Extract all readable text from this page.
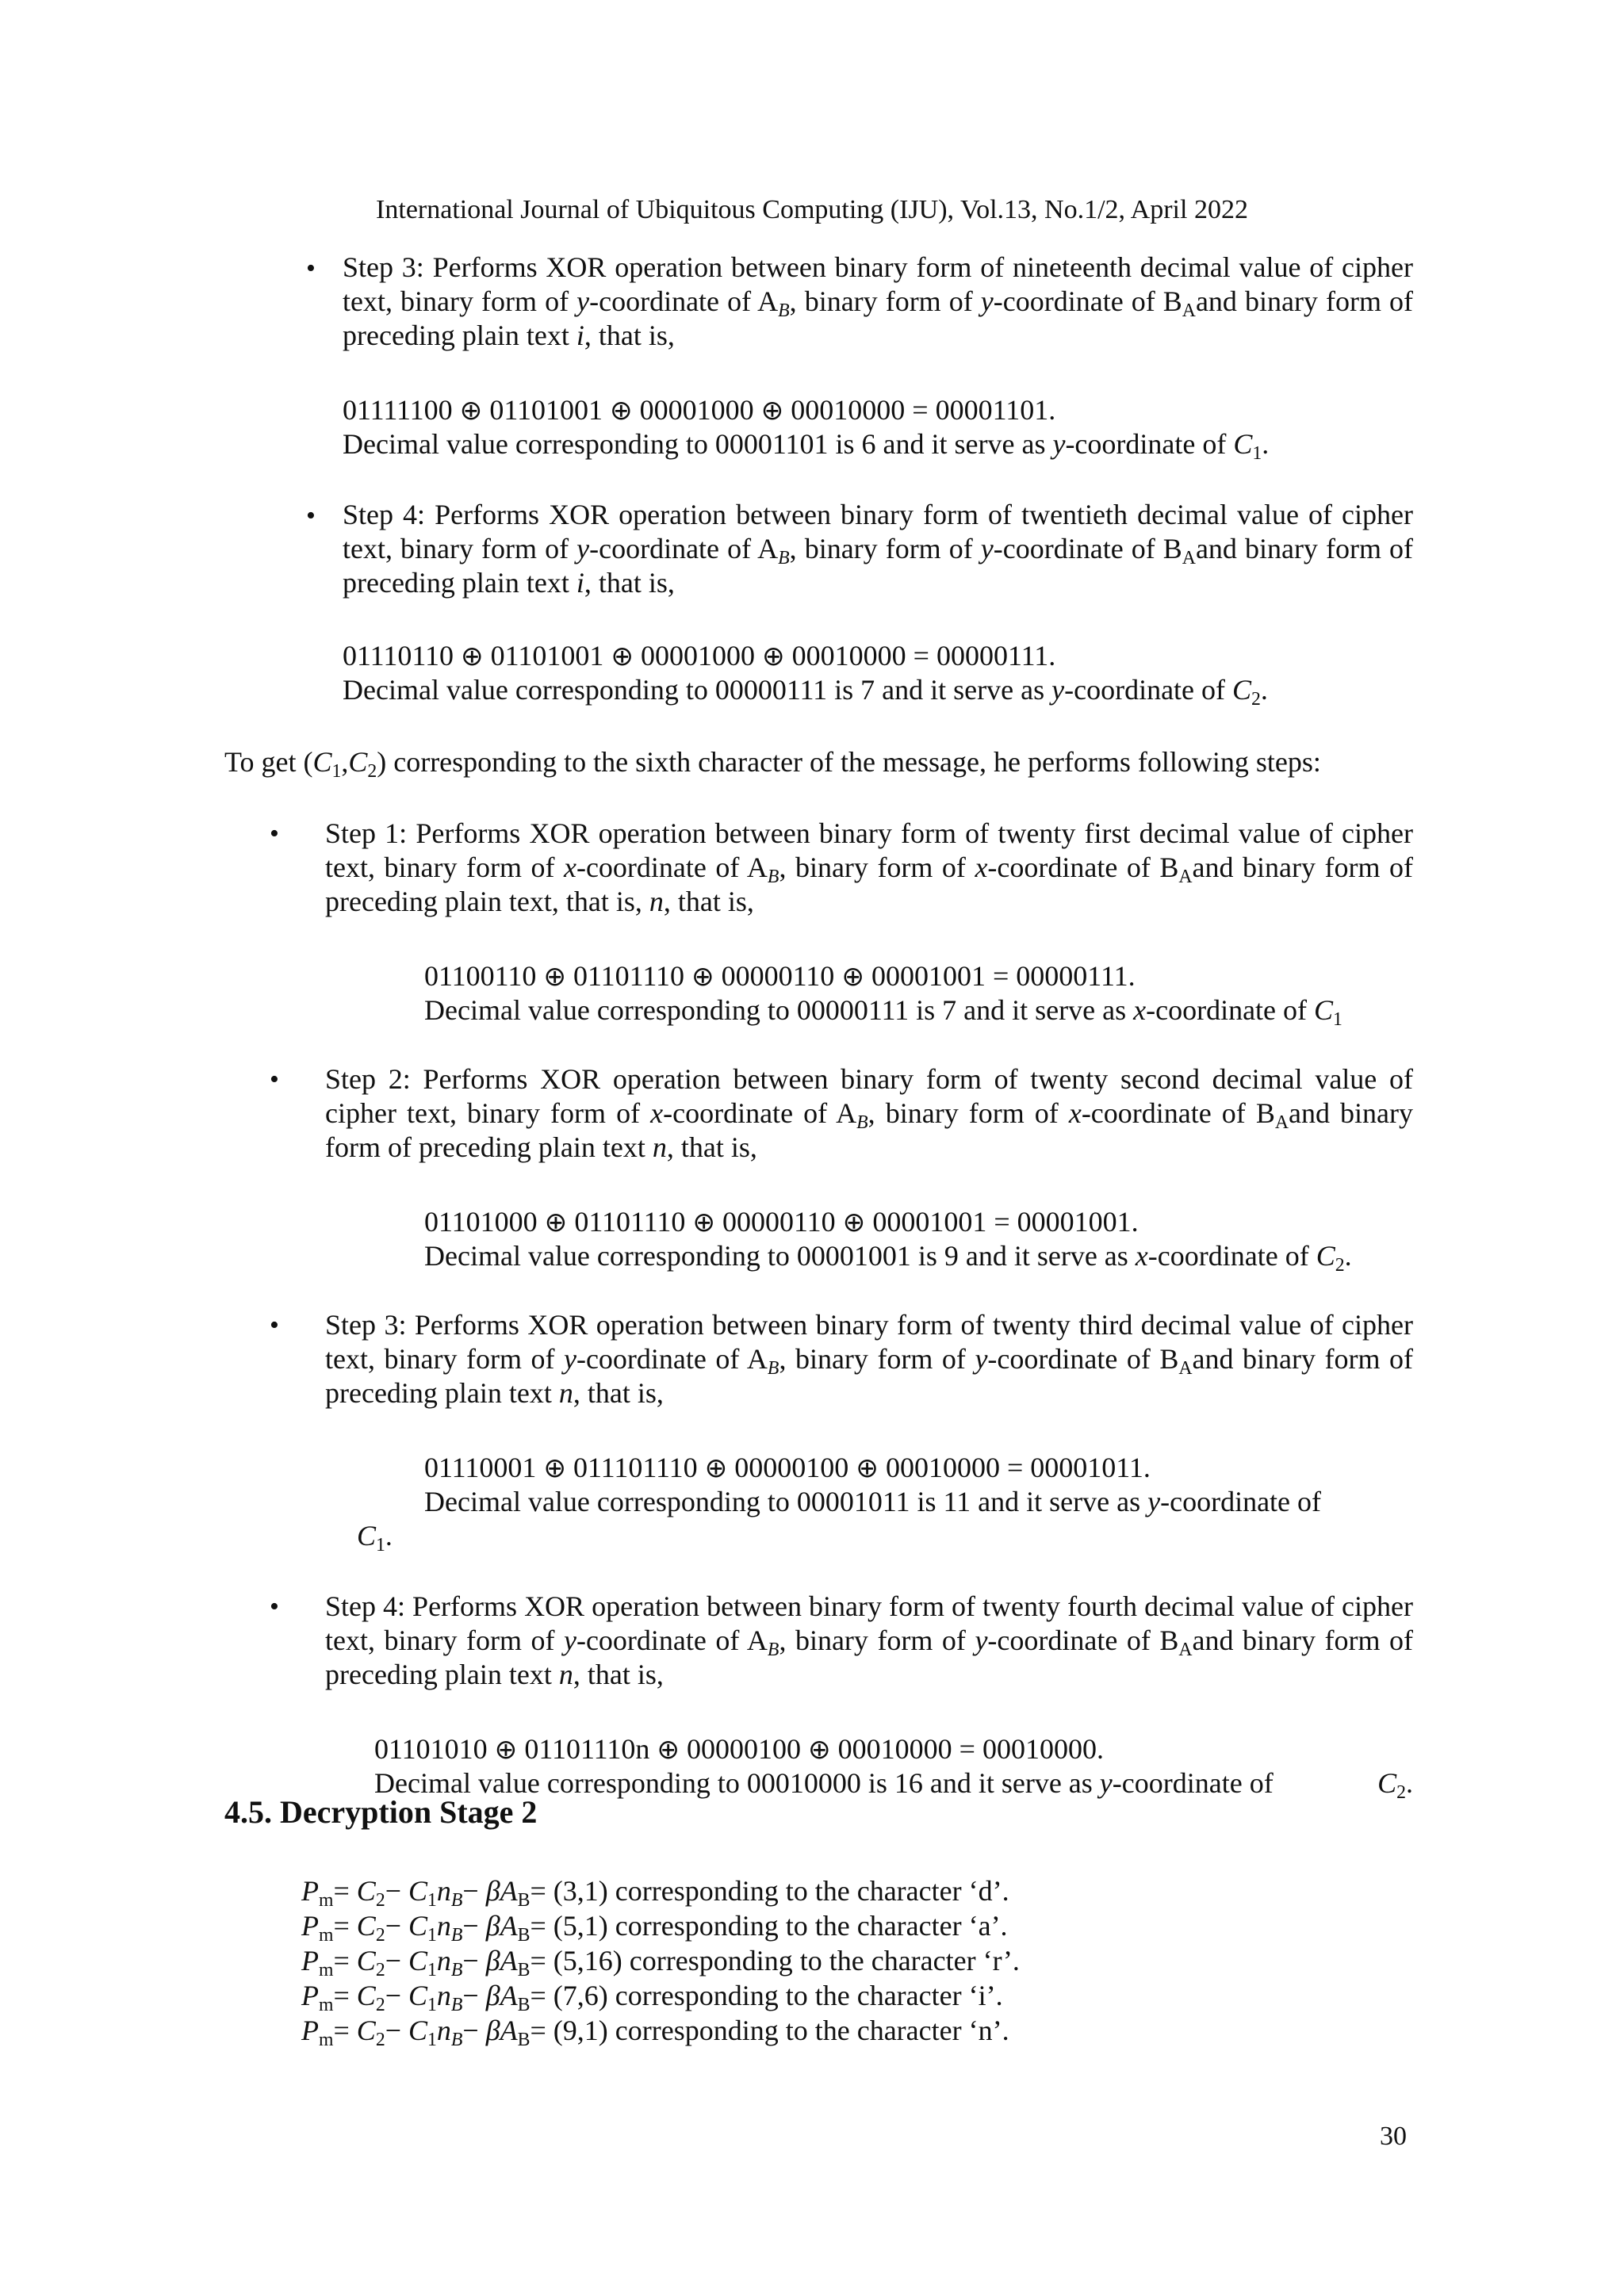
International Journal of Ubiquitous Computing (IJU), Vol.13, No.1/2, April 2022
• Step 3: Performs XOR operation between binary form of nineteenth decimal value of cipher text, binary form of y-coordinate of $A_B$, binary form of y-coordinate of $B_Aand$ binary form of preceding plain text i, that is,

01111100 ⊕ 01101001 ⊕ 00001000 ⊕ 00010000 = 00001101.
Decimal value corresponding to 00001101 is 6 and it serve as y-coordinate of $C_1$.
• Step 4: Performs XOR operation between binary form of twentieth decimal value of cipher text, binary form of y-coordinate of $A_B$, binary form of y-coordinate of $B_Aand$ binary form of preceding plain text i, that is,

01110110 ⊕ 01101001 ⊕ 00001000 ⊕ 00010000 = 00000111.
Decimal value corresponding to 00000111 is 7 and it serve as y-coordinate of $C_2$.
To get $(C_1,C_2)$ corresponding to the sixth character of the message, he performs following steps:
• Step 1: Performs XOR operation between binary form of twenty first decimal value of cipher text, binary form of x-coordinate of $A_B$, binary form of x-coordinate of $B_Aand$ binary form of preceding plain text, that is, n, that is,

01100110 ⊕ 01101110 ⊕ 00000110 ⊕ 00001001 = 00000111.
Decimal value corresponding to 00000111 is 7 and it serve as x-coordinate of $C_1$
• Step 2: Performs XOR operation between binary form of twenty second decimal value of cipher text, binary form of x-coordinate of $A_B$, binary form of x-coordinate of $B_Aand$ binary form of preceding plain text n, that is,

01101000 ⊕ 01101110 ⊕ 00000110 ⊕ 00001001 = 00001001.
Decimal value corresponding to 00001001 is 9 and it serve as x-coordinate of $C_2$.
• Step 3: Performs XOR operation between binary form of twenty third decimal value of cipher text, binary form of y-coordinate of $A_B$, binary form of y-coordinate of $B_Aand$ binary form of preceding plain text n, that is,

01110001 ⊕ 011101110 ⊕ 00000100 ⊕ 00010000 = 00001011.
Decimal value corresponding to 00001011 is 11 and it serve as y-coordinate of
$C_1$.
• Step 4: Performs XOR operation between binary form of twenty fourth decimal value of cipher text, binary form of y-coordinate of $A_B$, binary form of y-coordinate of $B_Aand$ binary form of preceding plain text n, that is,

01101010 ⊕ 01101110n ⊕ 00000100 ⊕ 00010000 = 00010000.
Decimal value corresponding to 00010000 is 16 and it serve as y-coordinate of	$C_2$.
4.5. Decryption Stage 2
$P_m= C_2- C_1n_B- \beta A_B= (3,1)$ corresponding to the character ‘d’.
$P_m= C_2- C_1n_B- \beta A_B= (5,1)$ corresponding to the character ‘a’.
$P_m= C_2- C_1n_B- \beta A_B= (5,16)$ corresponding to the character ‘r’.
$P_m= C_2- C_1n_B- \beta A_B= (7,6)$ corresponding to the character ‘i’.
$P_m= C_2- C_1n_B- \beta A_B= (9,1)$ corresponding to the character ‘n’.
30
